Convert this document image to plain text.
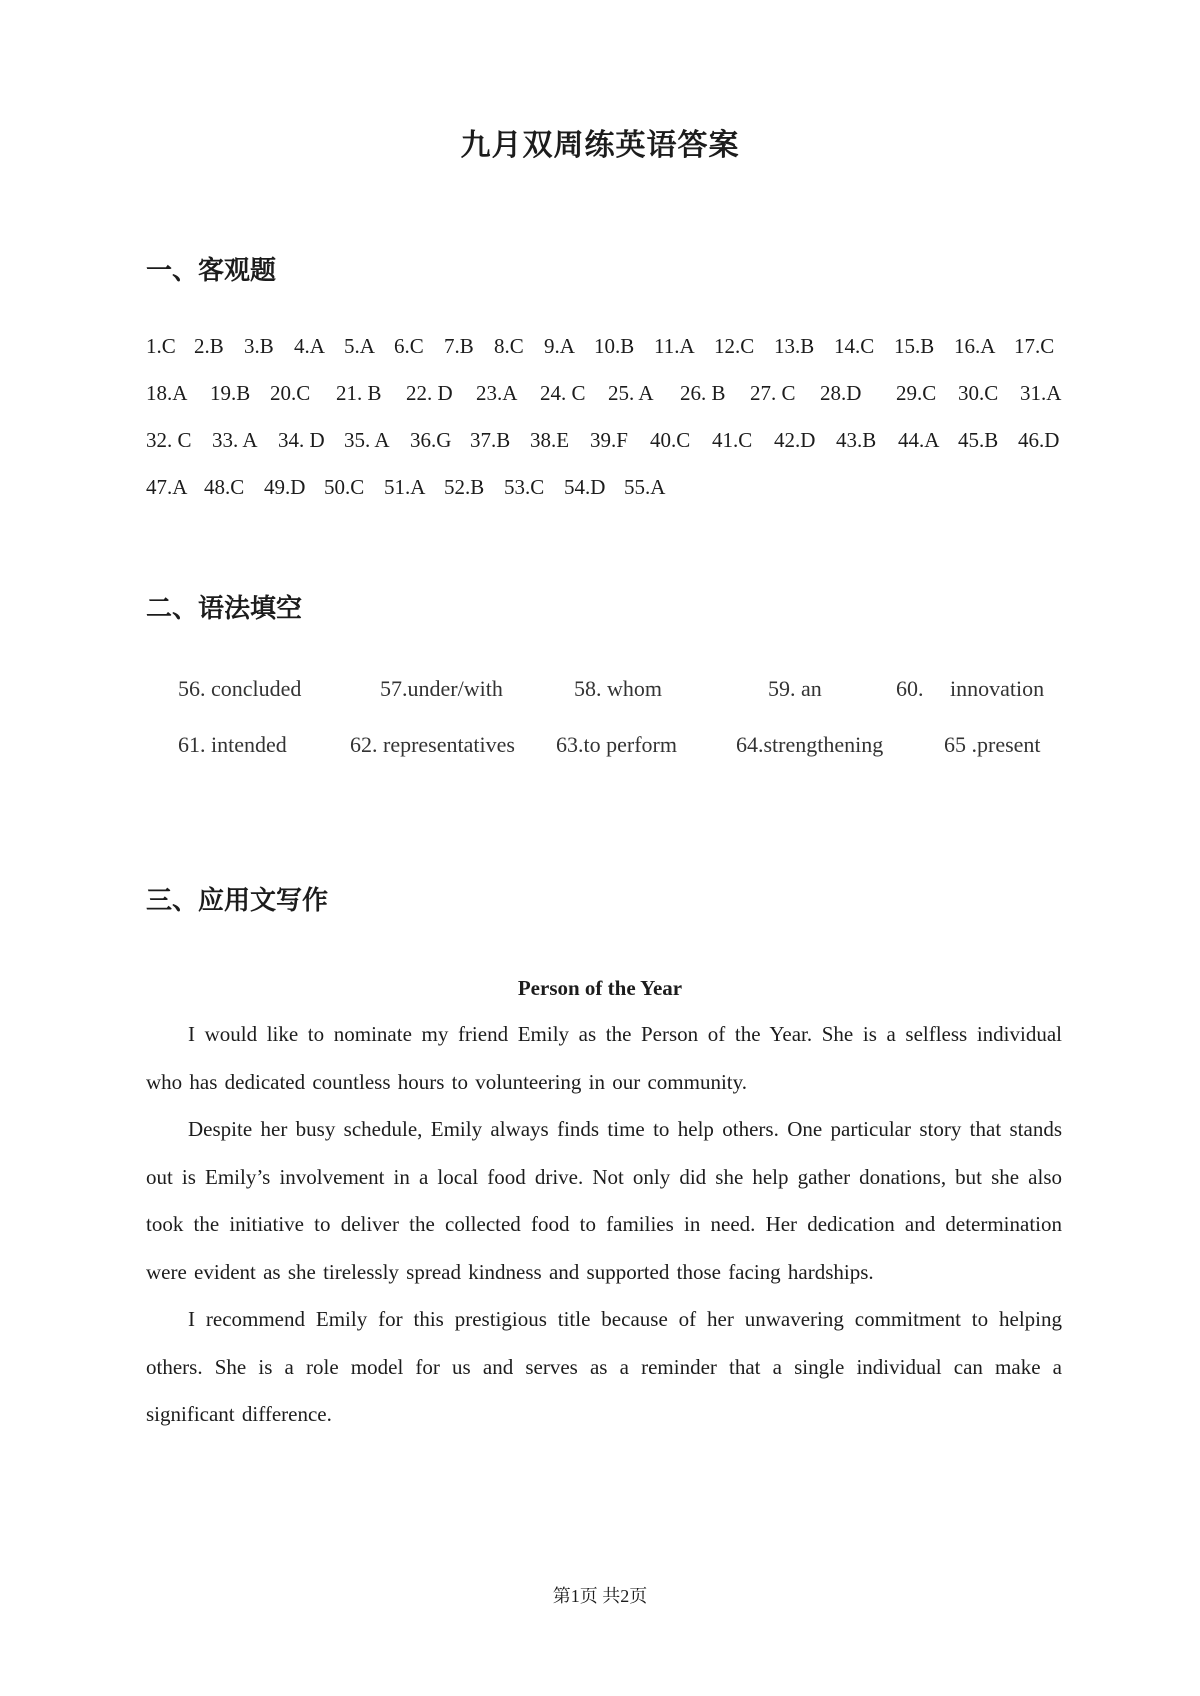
九月双周练英语答案
一、客观题
1.C 2.B 3.B 4.A 5.A 6.C 7.B 8.C 9.A 10.B 11.A 12.C 13.B 14.C 15.B 16.A 17.C
18.A 19.B 20.C 21. B 22. D 23.A 24. C 25. A 26. B 27. C 28.D 29.C 30.C 31.A
32. C 33. A 34. D 35. A 36.G 37.B 38.E 39.F 40.C 41.C 42.D 43.B 44.A 45.B 46.D
47.A 48.C 49.D 50.C 51.A 52.B 53.C 54.D 55.A
二、语法填空
56. concluded	57.under/with	58. whom	59. an	60. innovation
61. intended	62. representatives 63.to perform	64.strengthening	65 .present
三、应用文写作
Person of the Year

I would like to nominate my friend Emily as the Person of the Year. She is a selfless individual who has dedicated countless hours to volunteering in our community.

Despite her busy schedule, Emily always finds time to help others. One particular story that stands out is Emily’s involvement in a local food drive. Not only did she help gather donations, but she also took the initiative to deliver the collected food to families in need. Her dedication and determination were evident as she tirelessly spread kindness and supported those facing hardships.

I recommend Emily for this prestigious title because of her unwavering commitment to helping others. She is a role model for us and serves as a reminder that a single individual can make a significant difference.

第1页 共2页
